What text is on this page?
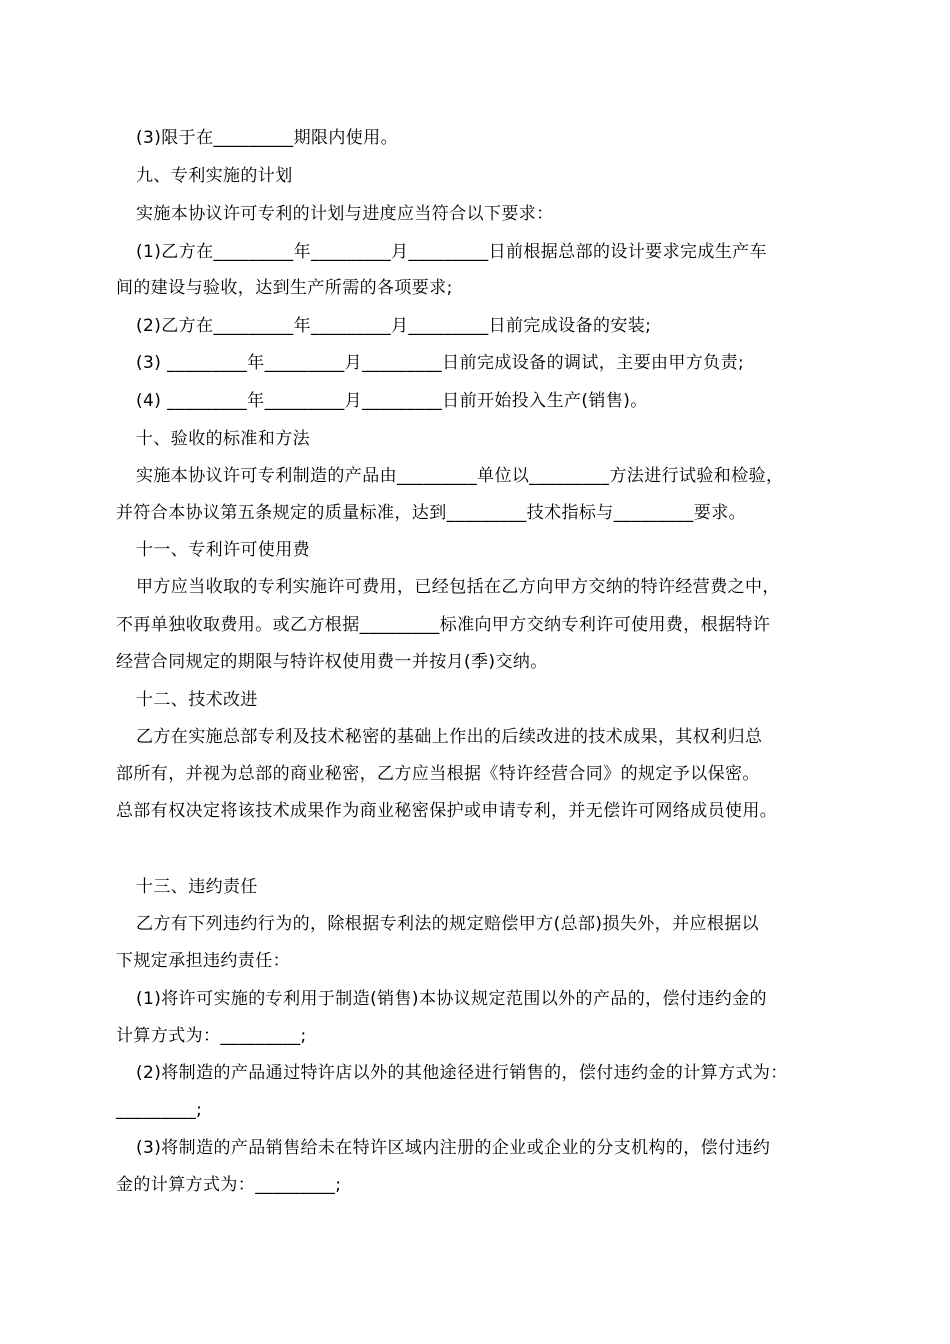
(3)限于在_________期限内使用。
九、专利实施的计划
实施本协议许可专利的计划与进度应当符合以下要求：
(1)乙方在_________年_________月_________日前根据总部的设计要求完成生产车
间的建设与验收，达到生产所需的各项要求;
(2)乙方在_________年_________月_________日前完成设备的安装;
(3) _________年_________月_________日前完成设备的调试，主要由甲方负责;
(4) _________年_________月_________日前开始投入生产(销售)。
十、验收的标准和方法
实施本协议许可专利制造的产品由_________单位以_________方法进行试验和检验，
并符合本协议第五条规定的质量标准，达到_________技术指标与_________要求。
十一、专利许可使用费
甲方应当收取的专利实施许可费用，已经包括在乙方向甲方交纳的特许经营费之中，
不再单独收取费用。或乙方根据_________标准向甲方交纳专利许可使用费，根据特许
经营合同规定的期限与特许权使用费一并按月(季)交纳。
十二、技术改进
乙方在实施总部专利及技术秘密的基础上作出的后续改进的技术成果，其权利归总
部所有，并视为总部的商业秘密，乙方应当根据《特许经营合同》的规定予以保密。
总部有权决定将该技术成果作为商业秘密保护或申请专利，并无偿许可网络成员使用。
十三、违约责任
乙方有下列违约行为的，除根据专利法的规定赔偿甲方(总部)损失外，并应根据以
下规定承担违约责任：
(1)将许可实施的专利用于制造(销售)本协议规定范围以外的产品的，偿付违约金的
计算方式为：_________;
(2)将制造的产品通过特许店以外的其他途径进行销售的，偿付违约金的计算方式为：
_________;
(3)将制造的产品销售给未在特许区域内注册的企业或企业的分支机构的，偿付违约
金的计算方式为：_________;
